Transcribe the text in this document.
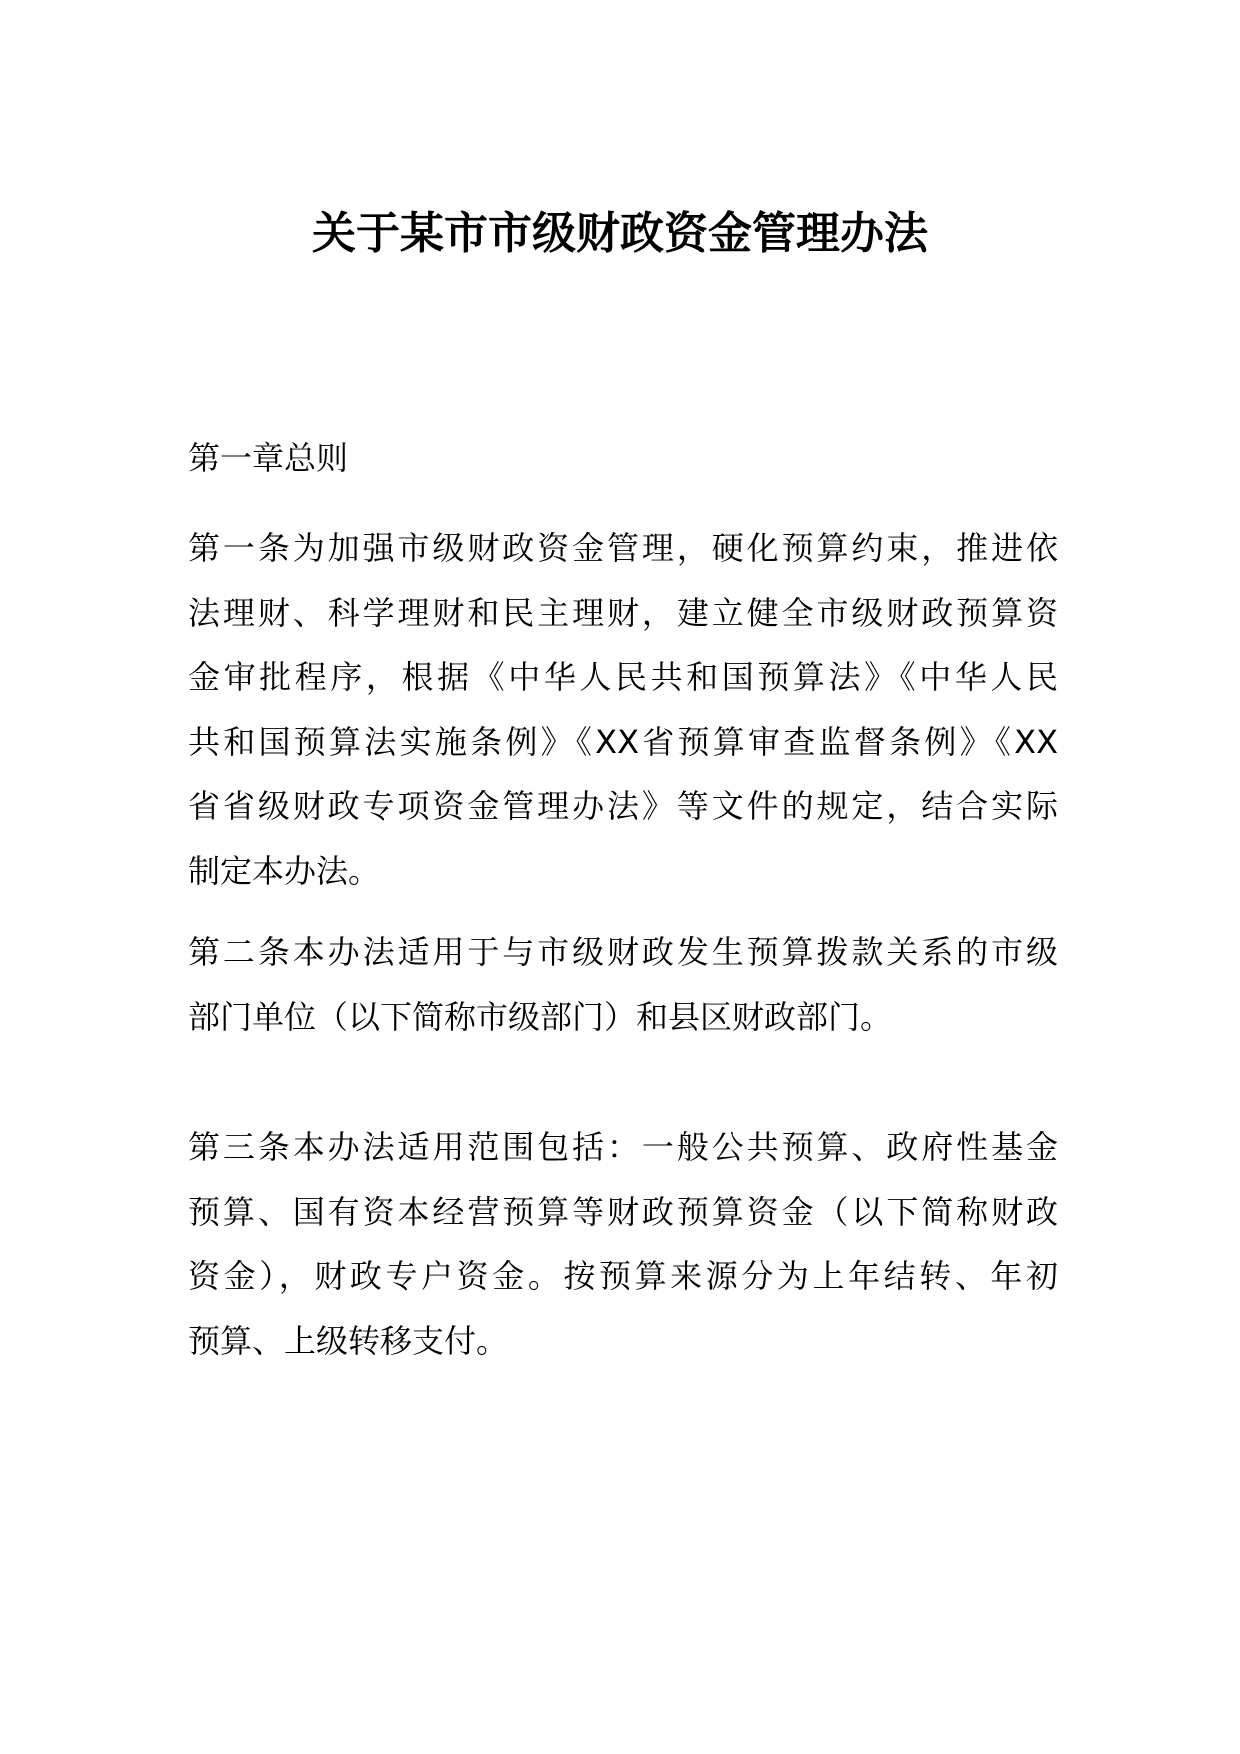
关于某市市级财政资金管理办法
第一章总则
第一条为加强市级财政资金管理，硬化预算约束，推进依
法理财、科学理财和民主理财，建立健全市级财政预算资
金审批程序，根据《中华人民共和国预算法》《中华人民
共和国预算法实施条例》《XX省预算审查监督条例》《XX
省省级财政专项资金管理办法》等文件的规定，结合实际
制定本办法。
第二条本办法适用于与市级财政发生预算拨款关系的市级
部门单位（以下简称市级部门）和县区财政部门。
第三条本办法适用范围包括：一般公共预算、政府性基金
预算、国有资本经营预算等财政预算资金（以下简称财政
资金），财政专户资金。按预算来源分为上年结转、年初
预算、上级转移支付。
